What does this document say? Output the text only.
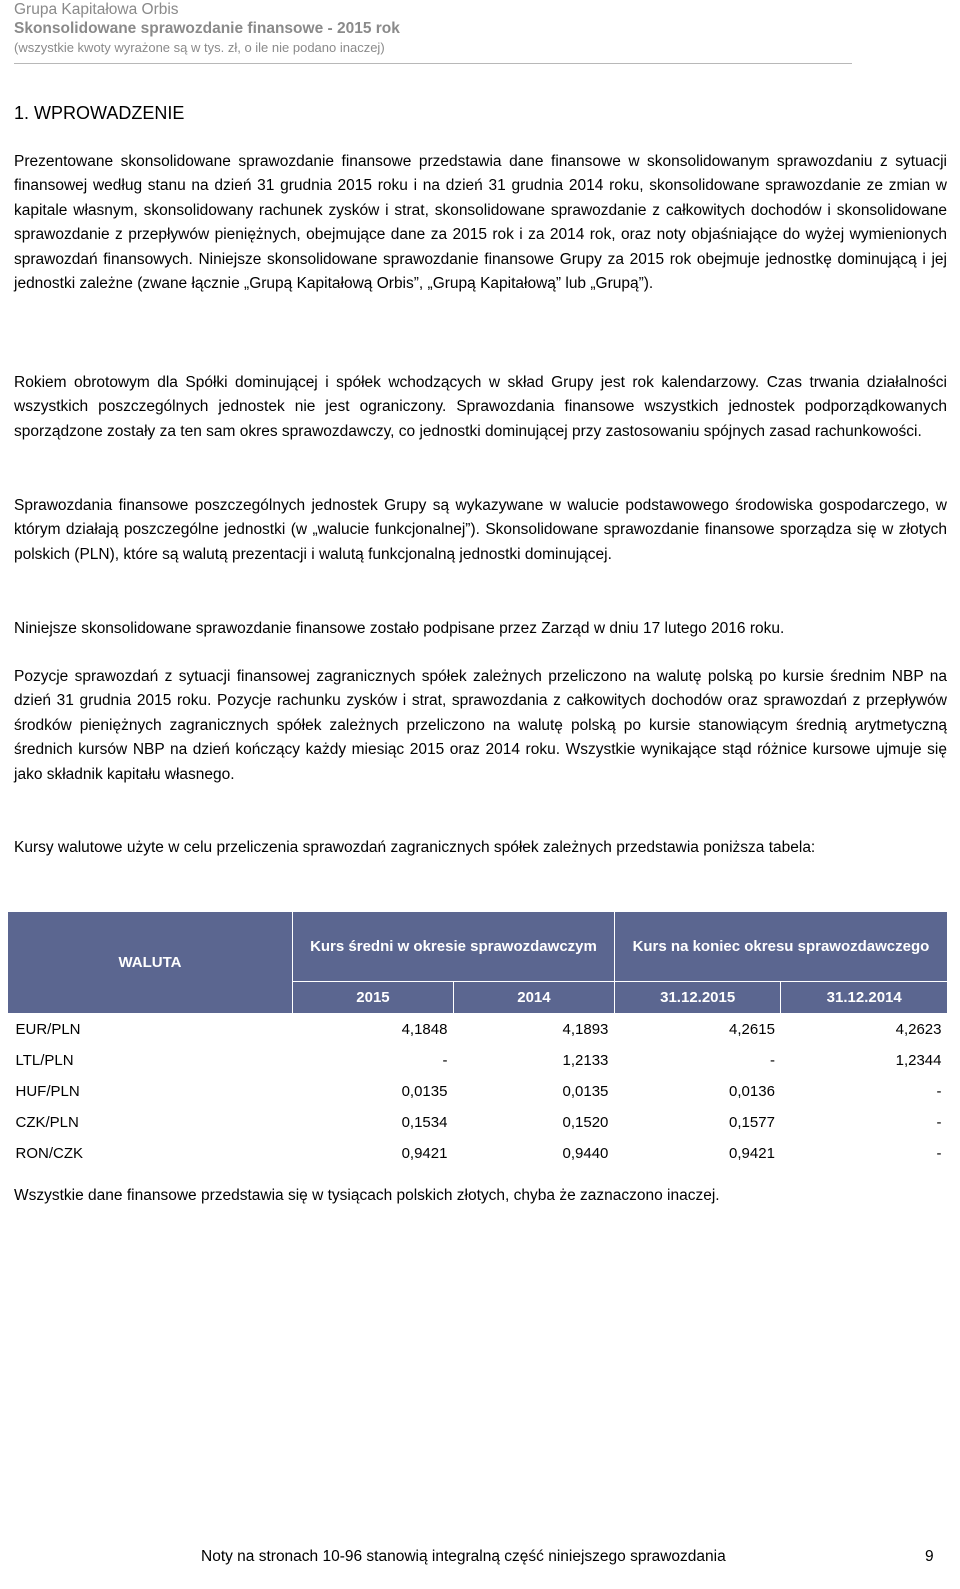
Grupa Kapitałowa Orbis
Skonsolidowane sprawozdanie finansowe - 2015 rok
(wszystkie kwoty wyrażone są w tys. zł, o ile nie podano inaczej)
1. WPROWADZENIE

Prezentowane skonsolidowane sprawozdanie finansowe przedstawia dane finansowe w skonsolidowanym sprawozdaniu z sytuacji finansowej według stanu na dzień 31 grudnia 2015 roku i na dzień 31 grudnia 2014 roku, skonsolidowane sprawozdanie ze zmian w kapitale własnym, skonsolidowany rachunek zysków i strat, skonsolidowane sprawozdanie z całkowitych dochodów i skonsolidowane sprawozdanie z przepływów pieniężnych, obejmujące dane za 2015 rok i za 2014 rok, oraz noty objaśniające do wyżej wymienionych sprawozdań finansowych. Niniejsze skonsolidowane sprawozdanie finansowe Grupy za 2015 rok obejmuje jednostkę dominującą i jej jednostki zależne (zwane łącznie „Grupą Kapitałową Orbis”, „Grupą Kapitałową” lub „Grupą”).

Rokiem obrotowym dla Spółki dominującej i spółek wchodzących w skład Grupy jest rok kalendarzowy. Czas trwania działalności wszystkich poszczególnych jednostek nie jest ograniczony. Sprawozdania finansowe wszystkich jednostek podporządkowanych sporządzone zostały za ten sam okres sprawozdawczy, co jednostki dominującej przy zastosowaniu spójnych zasad rachunkowości.

Sprawozdania finansowe poszczególnych jednostek Grupy są wykazywane w walucie podstawowego środowiska gospodarczego, w którym działają poszczególne jednostki (w „walucie funkcjonalnej”). Skonsolidowane sprawozdanie finansowe sporządza się w złotych polskich (PLN), które są walutą prezentacji i walutą funkcjonalną jednostki dominującej.

Niniejsze skonsolidowane sprawozdanie finansowe zostało podpisane przez Zarząd w dniu 17 lutego 2016 roku.

Pozycje sprawozdań z sytuacji finansowej zagranicznych spółek zależnych przeliczono na walutę polską po kursie średnim NBP na dzień 31 grudnia 2015 roku. Pozycje rachunku zysków i strat, sprawozdania z całkowitych dochodów oraz sprawozdań z przepływów środków pieniężnych zagranicznych spółek zależnych przeliczono na walutę polską po kursie stanowiącym średnią arytmetyczną średnich kursów NBP na dzień kończący każdy miesiąc 2015 oraz 2014 roku. Wszystkie wynikające stąd różnice kursowe ujmuje się jako składnik kapitału własnego.

Kursy walutowe użyte w celu przeliczenia sprawozdań zagranicznych spółek zależnych przedstawia poniższa tabela:

WALUTA	Kurs średni w okresie sprawozdawczym		Kurs na koniec okresu sprawozdawczego	
	2015	2014	31.12.2015	31.12.2014
EUR/PLN	4,1848	4,1893	4,2615	4,2623
LTL/PLN	-	1,2133	-	1,2344
HUF/PLN	0,0135	0,0135	0,0136	-
CZK/PLN	0,1534	0,1520	0,1577	-
RON/CZK	0,9421	0,9440	0,9421	-

Wszystkie dane finansowe przedstawia się w tysiącach polskich złotych, chyba że zaznaczono inaczej.

Noty na stronach 10-96 stanowią integralną część niniejszego sprawozdania	9
